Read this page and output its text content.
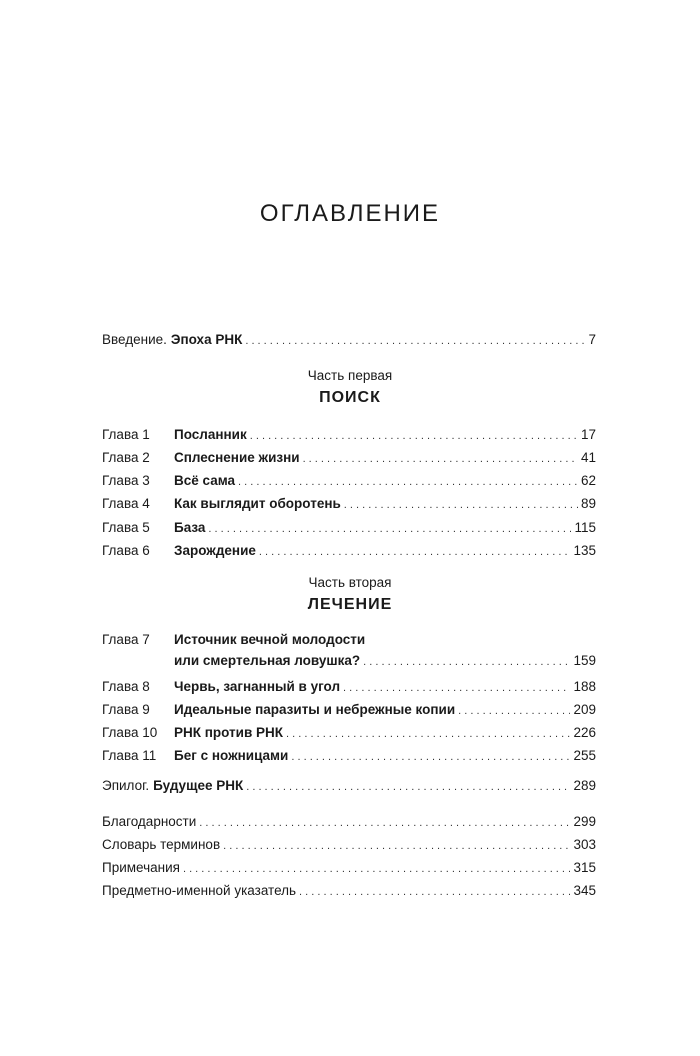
ОГЛАВЛЕНИЕ
Введение. Эпоха РНК . . .	7
Часть первая
ПОИСК
Глава 1	Посланник . . .	17
Глава 2	Сплеснение жизни . . .	41
Глава 3	Всё сама . . .	62
Глава 4	Как выглядит оборотень . . .	89
Глава 5	База . . .	115
Глава 6	Зарождение . . .	135
Часть вторая
ЛЕЧЕНИЕ
Глава 7	Источник вечной молодости
или смертельная ловушка? . . .	159
Глава 8	Червь, загнанный в угол . . .	188
Глава 9	Идеальные паразиты и небрежные копии . . .	209
Глава 10	РНК против РНК . . .	226
Глава 11	Бег с ножницами . . .	255
Эпилог. Будущее РНК . . .	289
Благодарности . . .	299
Словарь терминов . . .	303
Примечания . . .	315
Предметно-именной указатель . . .	345
